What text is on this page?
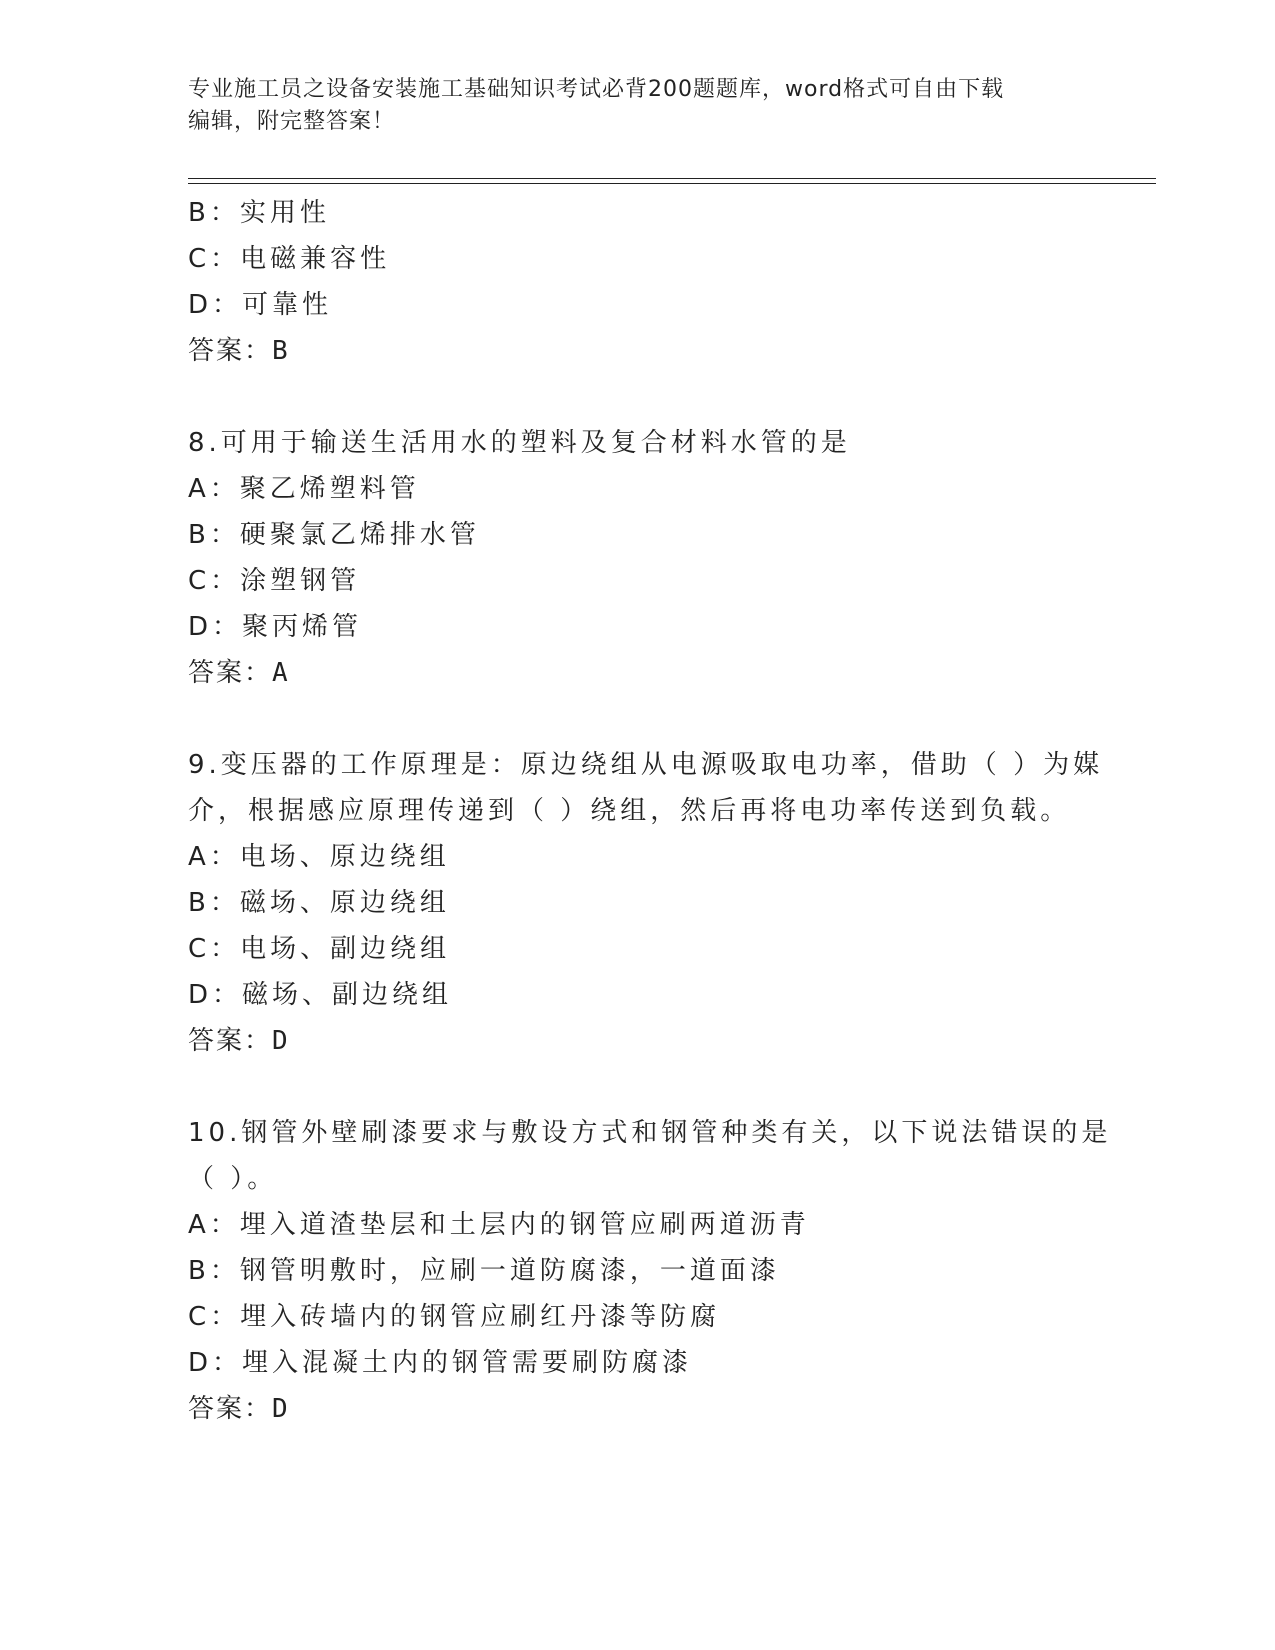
专业施工员之设备安装施工基础知识考试必背200题题库，word格式可自由下载
编辑，附完整答案！
B：实用性
C：电磁兼容性
D：可靠性
答案：B
8.可用于输送生活用水的塑料及复合材料水管的是
A：聚乙烯塑料管
B：硬聚氯乙烯排水管
C：涂塑钢管
D：聚丙烯管
答案：A
9.变压器的工作原理是：原边绕组从电源吸取电功率，借助（ ）为媒
介，根据感应原理传递到（ ）绕组，然后再将电功率传送到负载。
A：电场、原边绕组
B：磁场、原边绕组
C：电场、副边绕组
D：磁场、副边绕组
答案：D
10.钢管外壁刷漆要求与敷设方式和钢管种类有关，以下说法错误的是
（ ）。
A：埋入道渣垫层和土层内的钢管应刷两道沥青
B：钢管明敷时，应刷一道防腐漆，一道面漆
C：埋入砖墙内的钢管应刷红丹漆等防腐
D：埋入混凝土内的钢管需要刷防腐漆
答案：D
